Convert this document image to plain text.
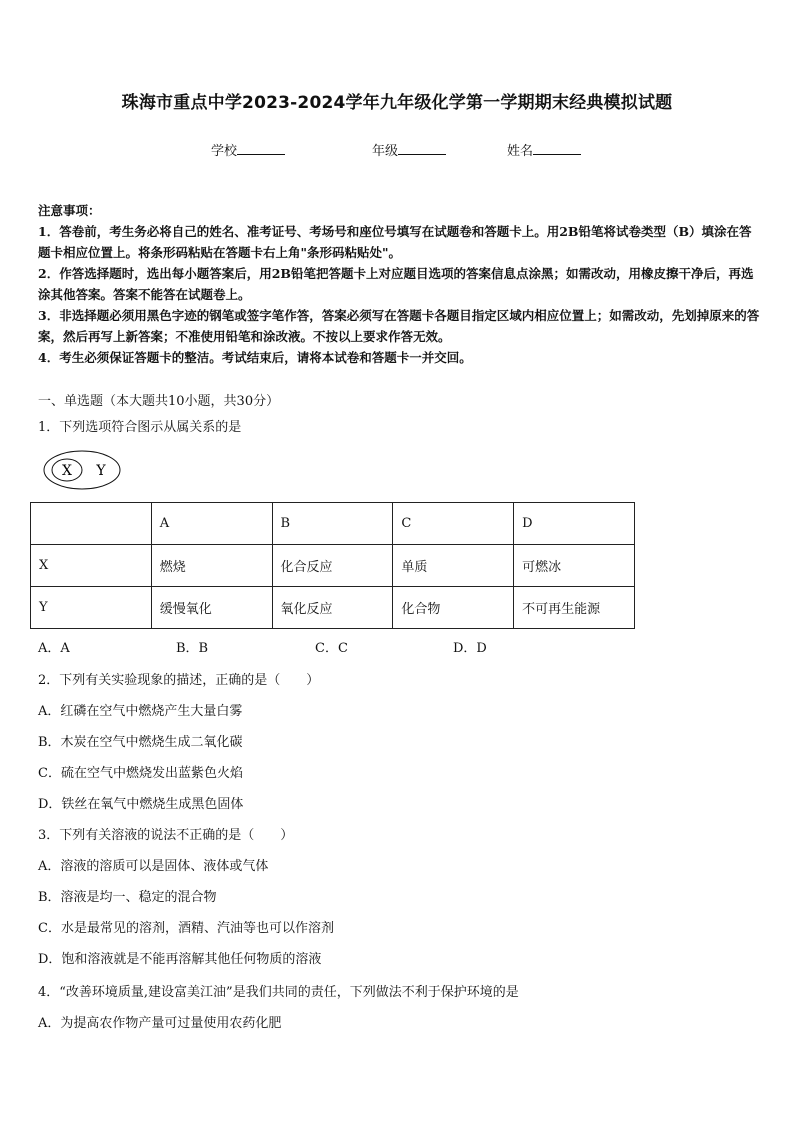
珠海市重点中学2023-2024学年九年级化学第一学期期末经典模拟试题
学校	年级	姓名

注意事项：

1．答卷前，考生务必将自己的姓名、准考证号、考场号和座位号填写在试题卷和答题卡上。用2B铅笔将试卷类型（B）填涂在答题卡相应位置上。将条形码粘贴在答题卡右上角"条形码粘贴处"。

2．作答选择题时，选出每小题答案后，用2B铅笔把答题卡上对应题目选项的答案信息点涂黑；如需改动，用橡皮擦干净后，再选涂其他答案。答案不能答在试题卷上。

3．非选择题必须用黑色字迹的钢笔或签字笔作答，答案必须写在答题卡各题目指定区域内相应位置上；如需改动，先划掉原来的答案，然后再写上新答案；不准使用铅笔和涂改液。不按以上要求作答无效。

4．考生必须保证答题卡的整洁。考试结束后，请将本试卷和答题卡一并交回。

一、单选题（本大题共10小题，共30分）
1．下列选项符合图示从属关系的是
X Y
	A	B	C	D
X	燃烧	化合反应	单质	可燃冰
Y	缓慢氧化	氧化反应	化合物	不可再生能源
A．A	B．B	C．C	D．D
2．下列有关实验现象的描述，正确的是（　　）
A．红磷在空气中燃烧产生大量白雾
B．木炭在空气中燃烧生成二氧化碳
C．硫在空气中燃烧发出蓝紫色火焰
D．铁丝在氧气中燃烧生成黑色固体
3．下列有关溶液的说法不正确的是（　　）
A．溶液的溶质可以是固体、液体或气体
B．溶液是均一、稳定的混合物
C．水是最常见的溶剂，酒精、汽油等也可以作溶剂
D．饱和溶液就是不能再溶解其他任何物质的溶液
4．“改善环境质量,建设富美江油”是我们共同的责任，下列做法不利于保护环境的是
A．为提高农作物产量可过量使用农药化肥
